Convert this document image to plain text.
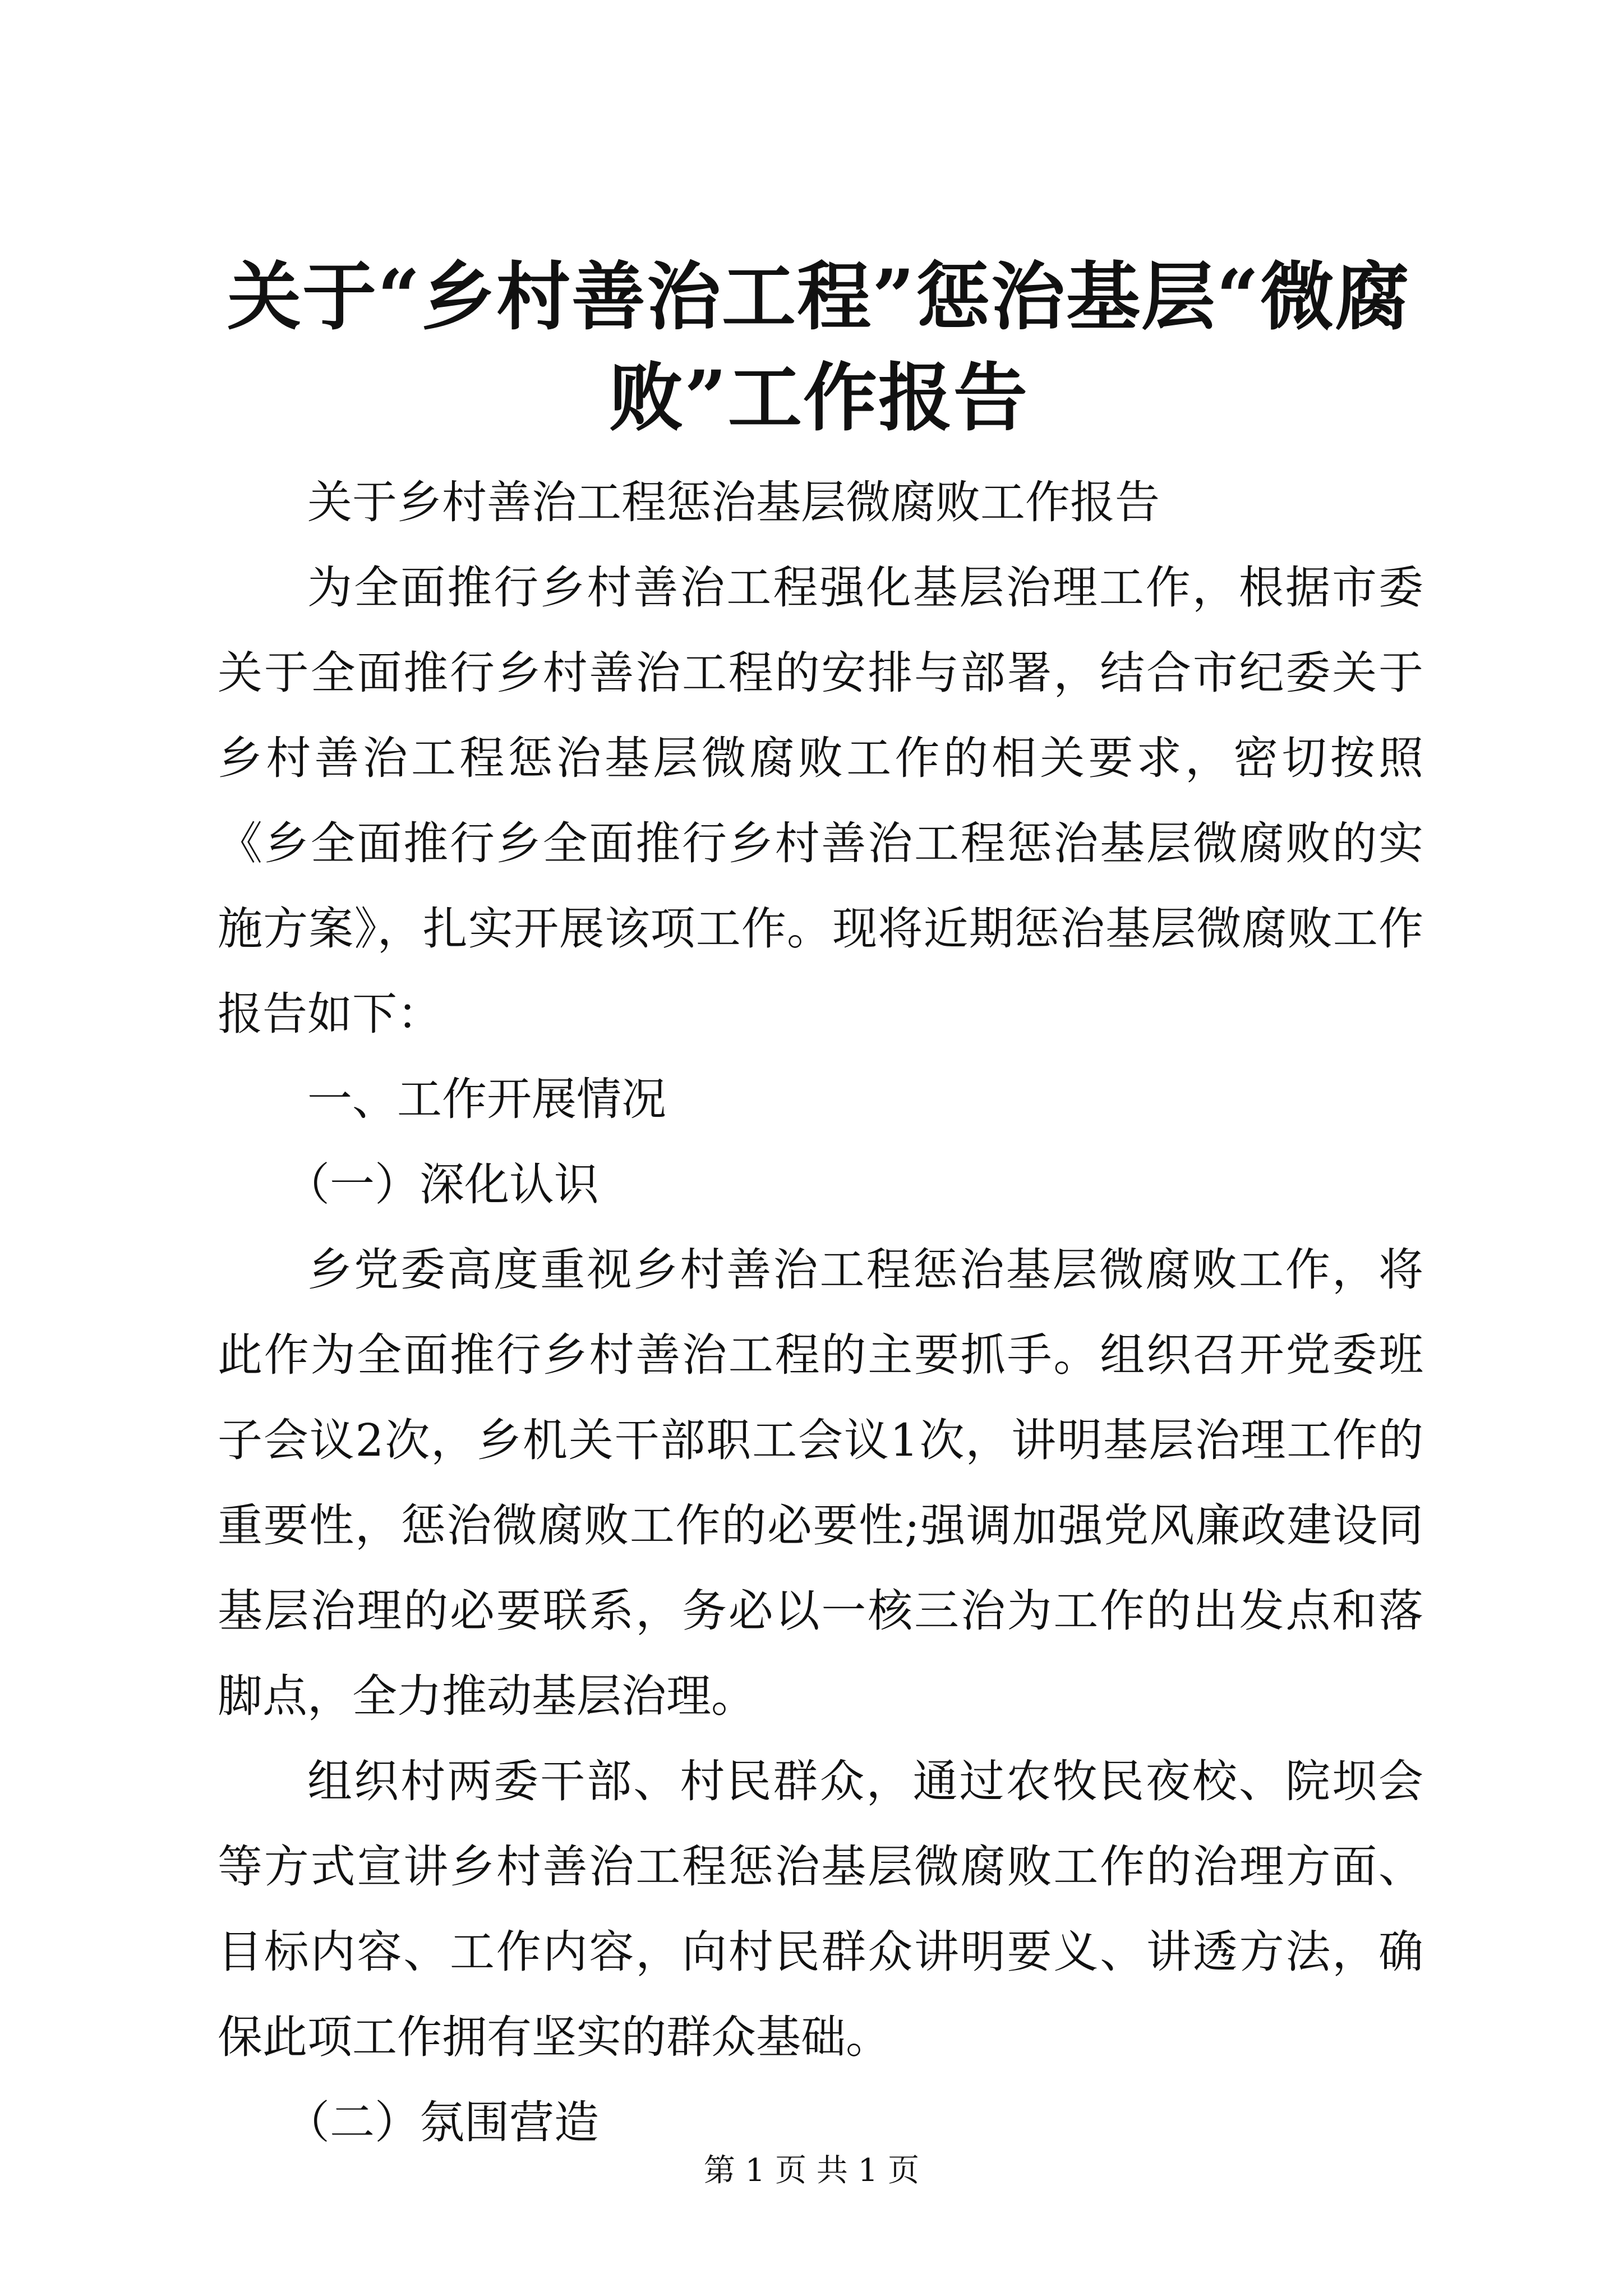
关于“乡村善治工程”惩治基层“微腐败”工作报告

关于乡村善治工程惩治基层微腐败工作报告

为全面推行乡村善治工程强化基层治理工作，根据市委关于全面推行乡村善治工程的安排与部署，结合市纪委关于乡村善治工程惩治基层微腐败工作的相关要求，密切按照《乡全面推行乡全面推行乡村善治工程惩治基层微腐败的实施方案》，扎实开展该项工作。现将近期惩治基层微腐败工作报告如下：

一、工作开展情况

（一）深化认识

乡党委高度重视乡村善治工程惩治基层微腐败工作，将此作为全面推行乡村善治工程的主要抓手。组织召开党委班子会议2次，乡机关干部职工会议1次，讲明基层治理工作的重要性，惩治微腐败工作的必要性;强调加强党风廉政建设同基层治理的必要联系，务必以一核三治为工作的出发点和落脚点，全力推动基层治理。

组织村两委干部、村民群众，通过农牧民夜校、院坝会等方式宣讲乡村善治工程惩治基层微腐败工作的治理方面、目标内容、工作内容，向村民群众讲明要义、讲透方法，确保此项工作拥有坚实的群众基础。

（二）氛围营造

第 1 页 共 1 页
